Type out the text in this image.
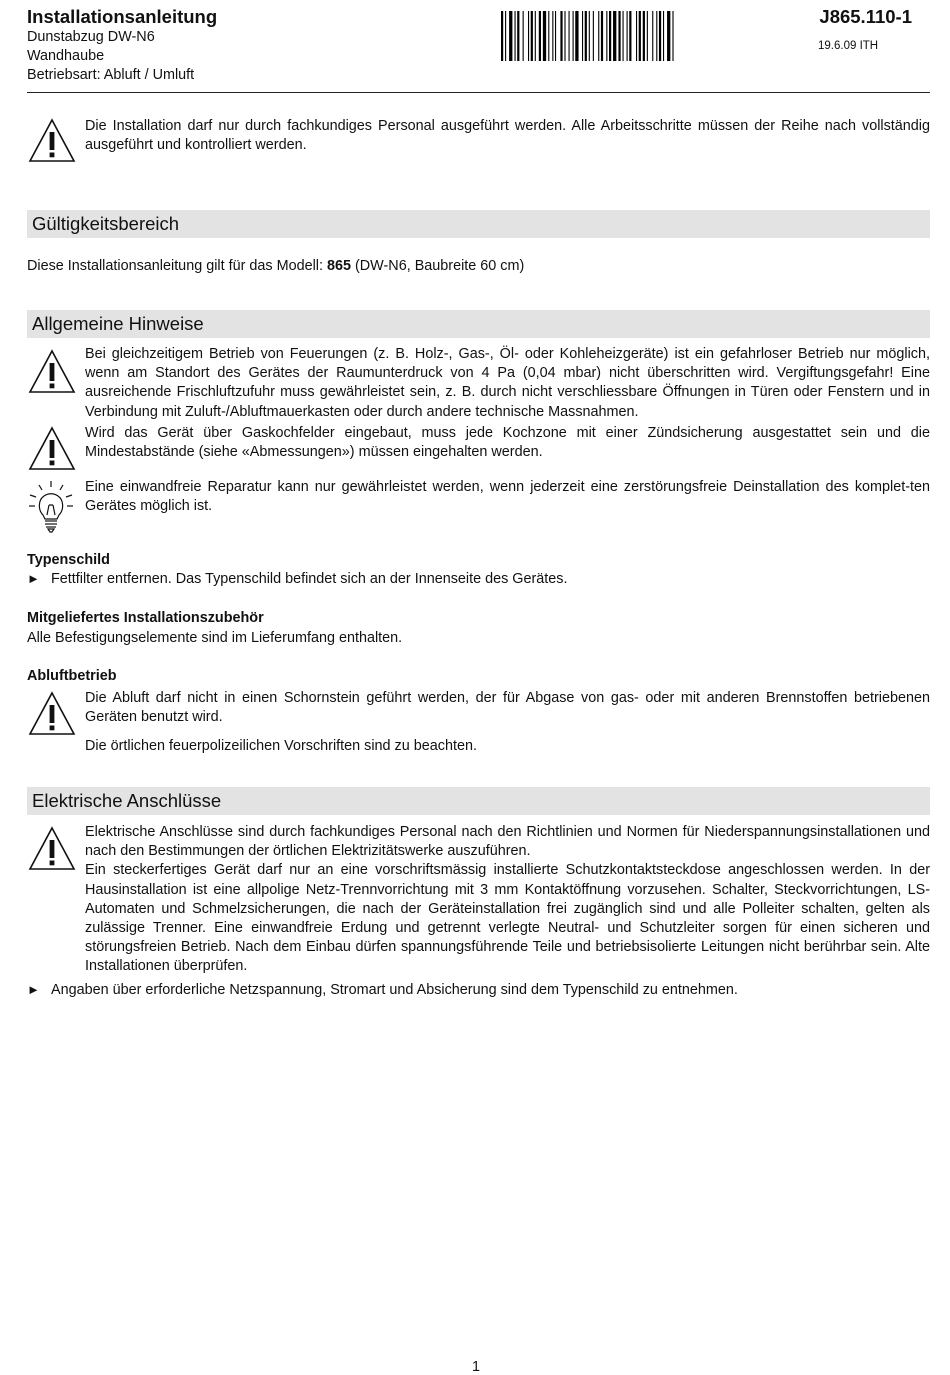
Installationsanleitung
Dunstabzug DW-N6
Wandhaube
Betriebsart: Abluft / Umluft
J865.110-1
19.6.09 ITH
Die Installation darf nur durch fachkundiges Personal ausgeführt werden. Alle Arbeitsschritte müssen der Reihe nach vollständig ausgeführt und kontrolliert werden.
Gültigkeitsbereich
Diese Installationsanleitung gilt für das Modell: 865 (DW-N6, Baubreite 60 cm)
Allgemeine Hinweise
Bei gleichzeitigem Betrieb von Feuerungen (z. B. Holz-, Gas-, Öl- oder Kohleheizgeräte) ist ein gefahrloser Betrieb nur möglich, wenn am Standort des Gerätes der Raumunterdruck von 4 Pa (0,04 mbar) nicht überschritten wird. Vergiftungsgefahr! Eine ausreichende Frischluftzufuhr muss gewährleistet sein, z. B. durch nicht verschliessbare Öffnungen in Türen oder Fenstern und in Verbindung mit Zuluft-/Abluftmauerkasten oder durch andere technische Massnahmen.
Wird das Gerät über Gaskochfelder eingebaut, muss jede Kochzone mit einer Zündsicherung ausgestattet sein und die Mindestabstände (siehe «Abmessungen») müssen eingehalten werden.
Eine einwandfreie Reparatur kann nur gewährleistet werden, wenn jederzeit eine zerstörungsfreie Deinstallation des komplet-ten Gerätes möglich ist.
Typenschild
► Fettfilter entfernen. Das Typenschild befindet sich an der Innenseite des Gerätes.
Mitgeliefertes Installationszubehör
Alle Befestigungselemente sind im Lieferumfang enthalten.
Abluftbetrieb
Die Abluft darf nicht in einen Schornstein geführt werden, der für Abgase von gas- oder mit anderen Brennstoffen betriebenen Geräten benutzt wird.
Die örtlichen feuerpolizeilichen Vorschriften sind zu beachten.
Elektrische Anschlüsse
Elektrische Anschlüsse sind durch fachkundiges Personal nach den Richtlinien und Normen für Niederspannungsinstallationen und nach den Bestimmungen der örtlichen Elektrizitätswerke auszuführen.
Ein steckerfertiges Gerät darf nur an eine vorschriftsmässig installierte Schutzkontaktsteckdose angeschlossen werden. In der Hausinstallation ist eine allpolige Netz-Trennvorrichtung mit 3 mm Kontaktöffnung vorzusehen. Schalter, Steckvorrichtungen, LS-Automaten und Schmelzsicherungen, die nach der Geräteinstallation frei zugänglich sind und alle Polleiter schalten, gelten als zulässige Trenner. Eine einwandfreie Erdung und getrennt verlegte Neutral- und Schutzleiter sorgen für einen sicheren und störungsfreien Betrieb. Nach dem Einbau dürfen spannungsführende Teile und betriebsisolierte Leitungen nicht berührbar sein. Alte Installationen überprüfen.
► Angaben über erforderliche Netzspannung, Stromart und Absicherung sind dem Typenschild zu entnehmen.
1
